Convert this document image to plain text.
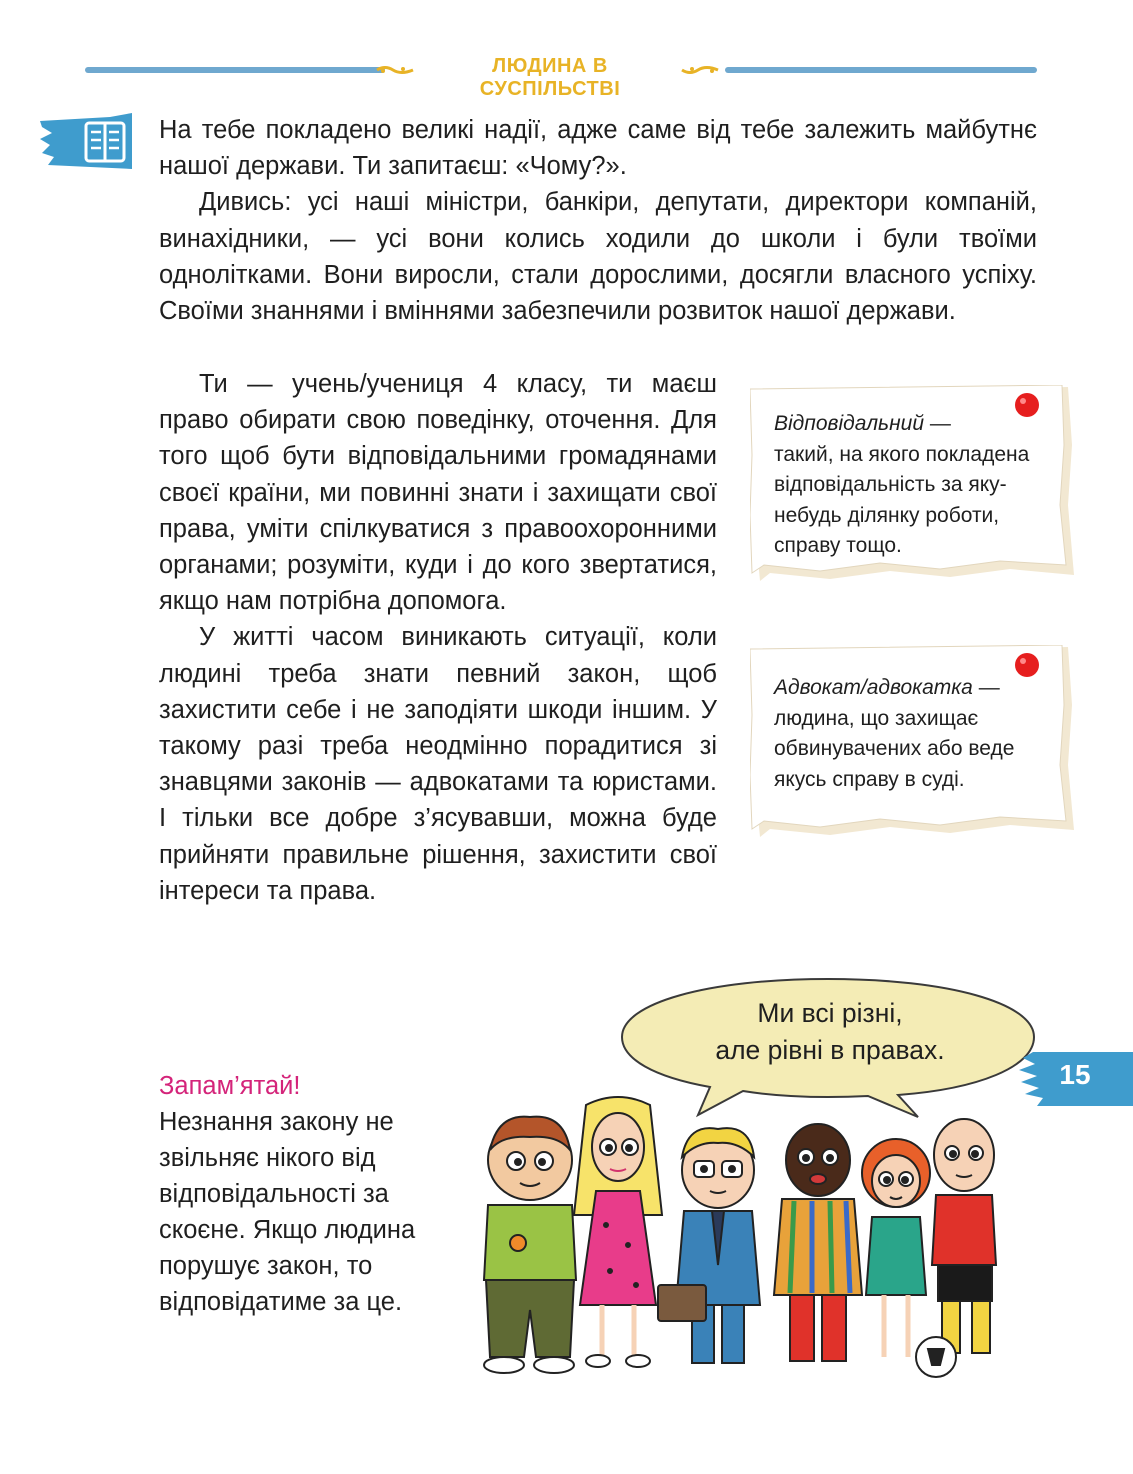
ЛЮДИНА В СУСПІЛЬСТВІ

На тебе покладено великі надії, адже саме від тебе залежить майбутнє нашої держави. Ти запитаєш: «Чому?».

Дивись: усі наші міністри, банкіри, депутати, директори компаній, винахідники, — усі вони колись ходили до школи і були твоїми однолітками. Вони виросли, стали дорослими, досягли власного успіху. Своїми знаннями і вміннями забезпечили розвиток нашої держави.

Ти — учень/учениця 4 класу, ти маєш право обирати свою поведінку, оточення. Для того щоб бути відповідальними громадянами своєї країни, ми повинні знати і захищати свої права, уміти спілкуватися з правоохоронними органами; розуміти, куди і до кого звертатися, якщо нам потрібна допомога.

У житті часом виникають ситуації, коли людині треба знати певний закон, щоб захистити себе і не заподіяти шкоди іншим. У такому разі треба неодмінно порадитися зі знавцями законів — адвокатами та юристами. І тільки все добре з’ясувавши, можна буде прийняти правильне рішення, захистити свої інтереси та права.

Відповідальний —
такий, на якого покладена відповідальність за яку-небудь ділянку роботи, справу тощо.
Адвокат/адвокатка —
людина, що захищає обвинувачених або веде якусь справу в суді.
Ми всі різні,
але рівні в правах.
Запам’ятай!
Незнання закону не звільняє нікого від відповідальності за скоєне. Якщо людина порушує закон, то відповідатиме за це.
15
